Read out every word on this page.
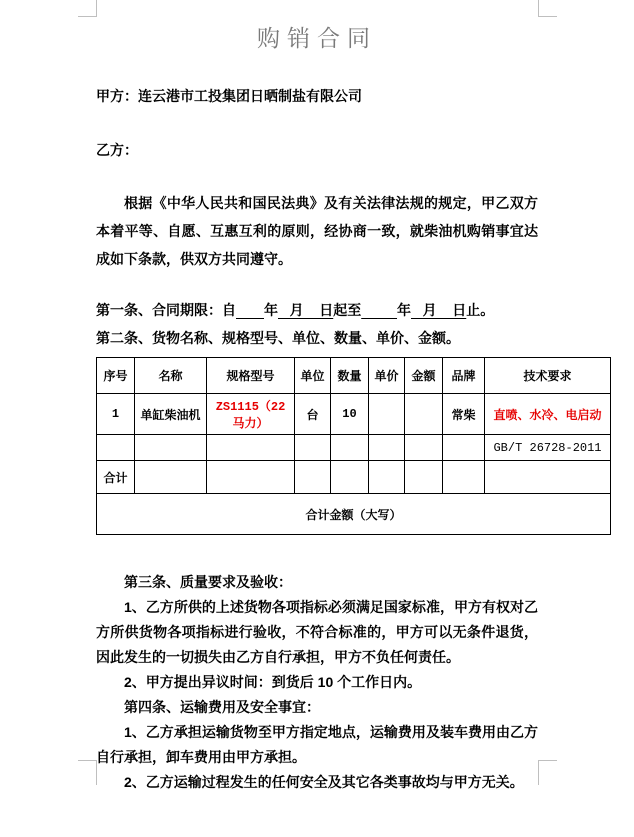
购销合同
甲方：连云港市工投集团日晒制盐有限公司
乙方：

根据《中华人民共和国民法典》及有关法律法规的规定，甲乙双方本着平等、自愿、互惠互利的原则，经协商一致，就柴油机购销事宜达成如下条款，供双方共同遵守。

第一条、合同期限：自　　 年   月    日起至　　	年   月    日止。
第二条、货物名称、规格型号、单位、数量、单价、金额。
序号	名称	规格型号	单位	数量	单价	金额	品牌	技术要求
1	单缸柴油机	ZS1115（22 马力）	台	10			常柴	直喷、水冷、电启动
								GB/T 26728-2011
合计								
合计金额（大写）								

第三条、质量要求及验收：

1、乙方所供的上述货物各项指标必须满足国家标准，甲方有权对乙方所供货物各项指标进行验收，不符合标准的，甲方可以无条件退货，因此发生的一切损失由乙方自行承担，甲方不负任何责任。

2、甲方提出异议时间：到货后 10 个工作日内。

第四条、运输费用及安全事宜：

1、乙方承担运输货物至甲方指定地点，运输费用及装车费用由乙方自行承担，卸车费用由甲方承担。

2、乙方运输过程发生的任何安全及其它各类事故均与甲方无关。
